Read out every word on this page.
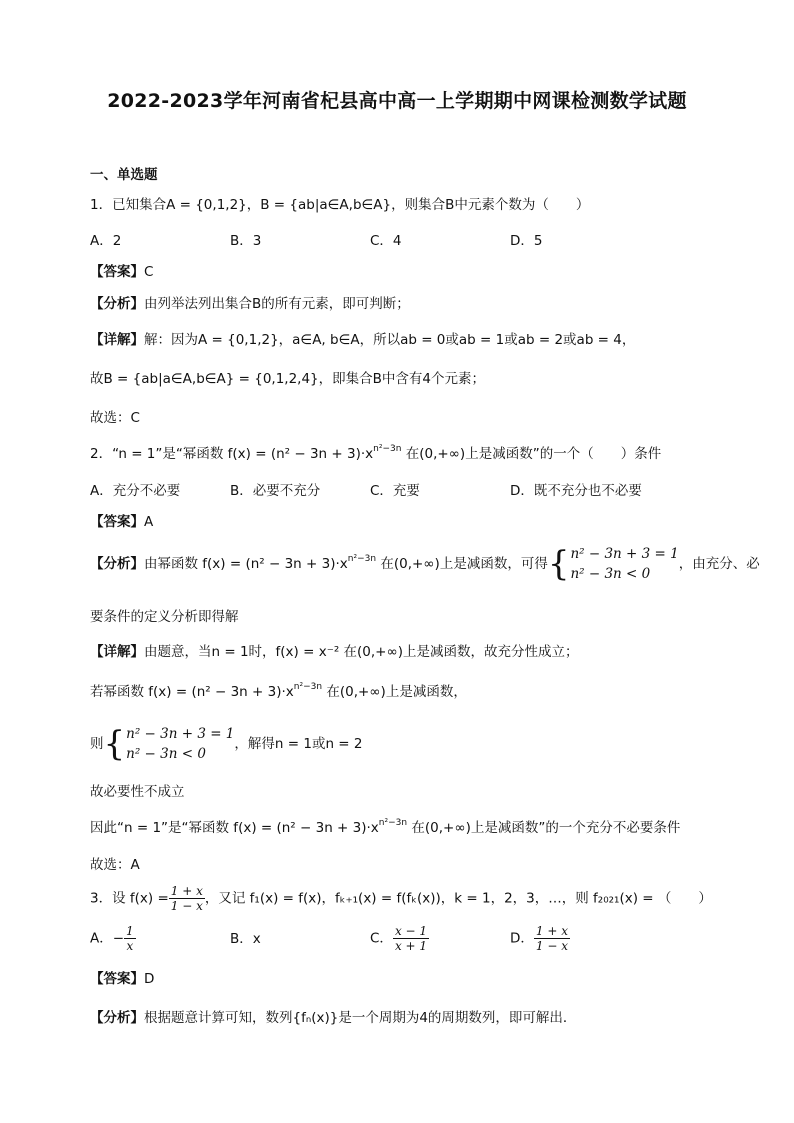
2022-2023学年河南省杞县高中高一上学期期中网课检测数学试题
一、单选题
1．已知集合A = {0,1,2}，B = {ab|a∈A,b∈A}，则集合B中元素个数为（　　）
A．2	B．3	C．4	D．5
【答案】C
【分析】由列举法列出集合B的所有元素，即可判断；
【详解】解：因为A = {0,1,2}，a∈A, b∈A，所以ab = 0或ab = 1或ab = 2或ab = 4，
故B = {ab|a∈A,b∈A} = {0,1,2,4}，即集合B中含有4个元素；
故选：C
2．“n = 1”是“幂函数 $f(x) = (n^2 - 3n + 3)\cdot x^{n^2-3n}$ 在(0,+∞)上是减函数”的一个（　　）条件
A．充分不必要	B．必要不充分	C．充要	D．既不充分也不必要
【答案】A
【分析】由幂函数 $f(x) = (n^2 - 3n + 3)\cdot x^{n^2-3n}$ 在(0,+∞)上是减函数，可得{n² − 3n + 3 = 1
n² − 3n < 0，由充分、必
要条件的定义分析即得解
【详解】由题意，当n = 1时，f(x) = x⁻² 在(0,+∞)上是减函数，故充分性成立；
若幂函数 $f(x) = (n^2 - 3n + 3)\cdot x^{n^2-3n}$ 在(0,+∞)上是减函数，
则{n² − 3n + 3 = 1
n² − 3n < 0，解得n = 1或n = 2
故必要性不成立
因此“n = 1”是“幂函数 $f(x) = (n^2 - 3n + 3)\cdot x^{n^2-3n}$ 在(0,+∞)上是减函数”的一个充分不必要条件
故选：A
3．设 $f(x) = \frac{1 + x}{1 - x}$ ，又记 f₁(x) = f(x)，fₖ₊₁(x) = f(fₖ(x))，k = 1，2，3，…，则 f₂₀₂₁(x) = （　　）
A．− $\frac{1}{x}$	B．x	C． $\frac{x - 1}{x + 1}$	D． $\frac{1 + x}{1 - x}$
【答案】D
【分析】根据题意计算可知，数列{fₙ(x)}是一个周期为4的周期数列，即可解出．
